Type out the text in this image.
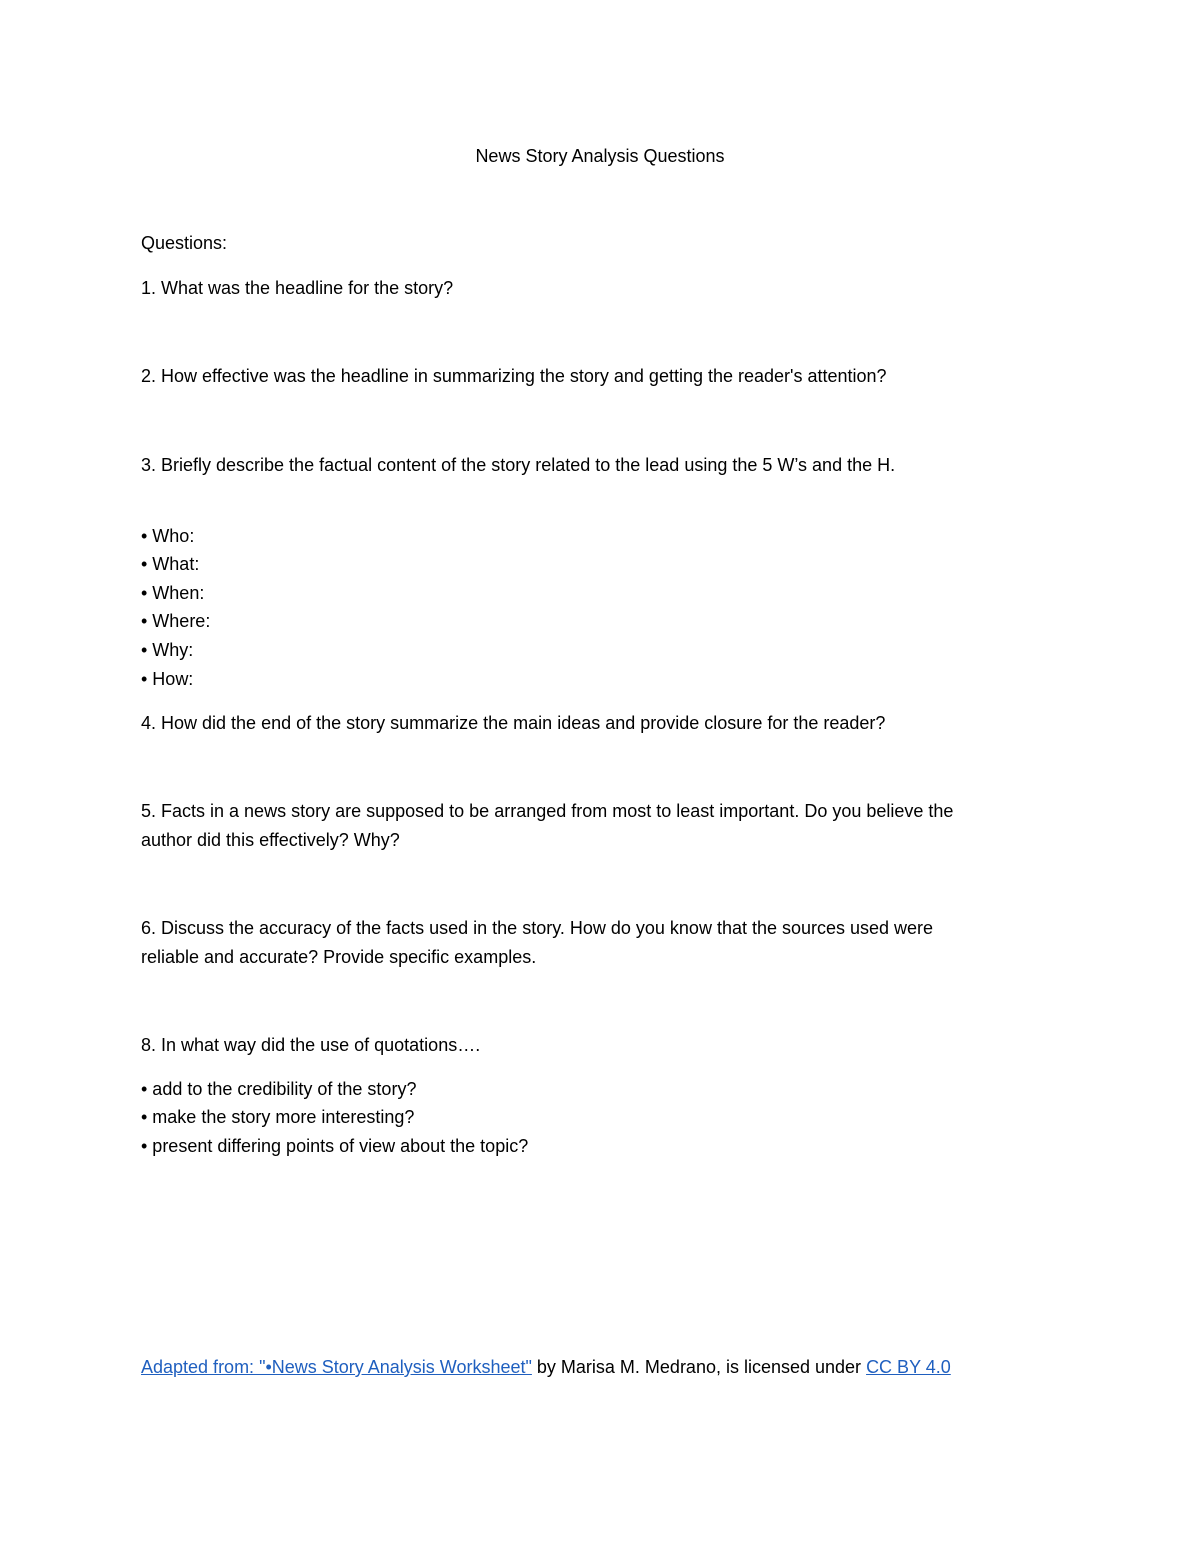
News Story Analysis Questions
Questions:
1. What was the headline for the story?
2. How effective was the headline in summarizing the story and getting the reader's attention?
3. Briefly describe the factual content of the story related to the lead using the 5 W’s and the H.
• Who:
• What:
• When:
• Where:
• Why:
• How:
4. How did the end of the story summarize the main ideas and provide closure for the reader?
5. Facts in a news story are supposed to be arranged from most to least important. Do you believe the
author did this effectively? Why?
6. Discuss the accuracy of the facts used in the story. How do you know that the sources used were
reliable and accurate? Provide specific examples.
8. In what way did the use of quotations….
• add to the credibility of the story?
• make the story more interesting?
• present differing points of view about the topic?
Adapted from: "•News Story Analysis Worksheet" by Marisa M. Medrano, is licensed under CC BY 4.0
